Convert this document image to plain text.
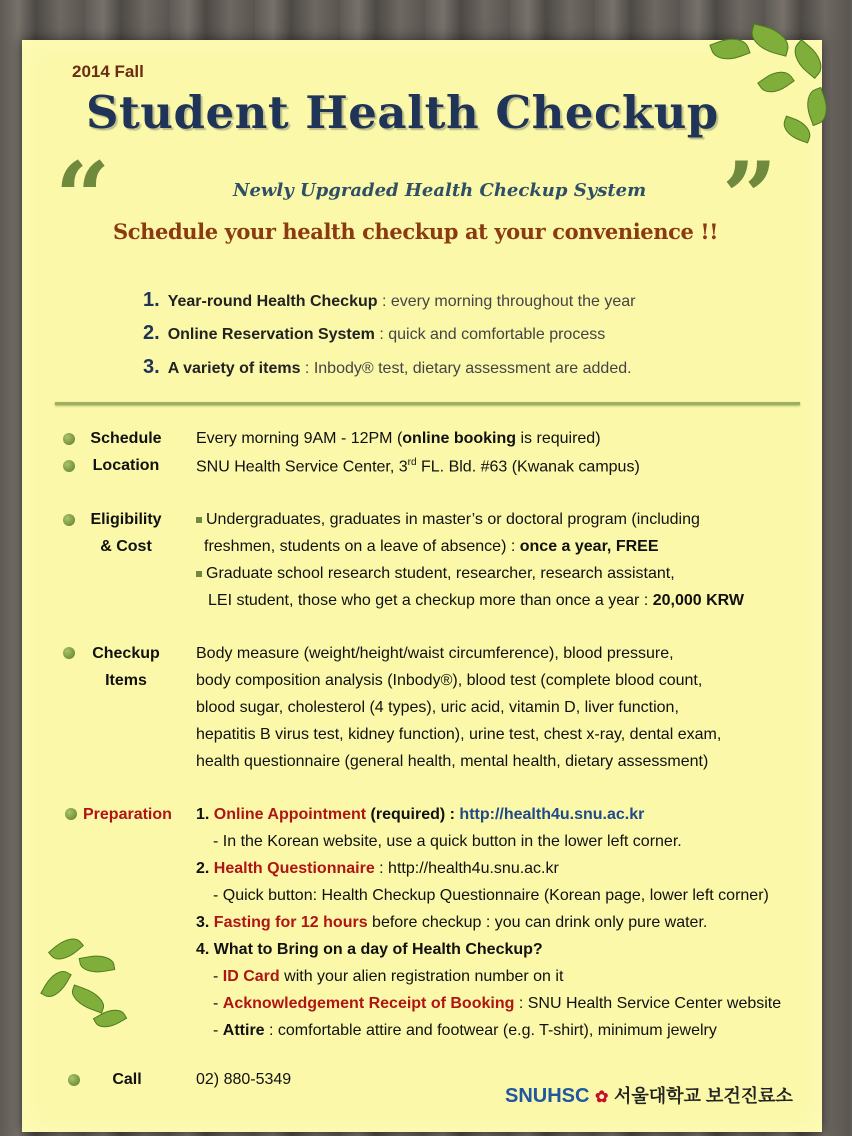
2014 Fall
Student Health Checkup
“	”
Newly Upgraded Health Checkup System
Schedule your health checkup at your convenience !!
1. Year-round Health Checkup : every morning throughout the year
2. Online Reservation System : quick and comfortable process
3. A variety of items : Inbody® test, dietary assessment are added.
Schedule	Every morning 9AM - 12PM (online booking is required)
Location	SNU Health Service Center, 3rd FL. Bld. #63 (Kwanak campus)
Eligibility
& Cost
Undergraduates, graduates in master’s or doctoral program (including
freshmen, students on a leave of absence) : once a year, FREE
Graduate school research student, researcher, research assistant,
LEI student, those who get a checkup more than once a year : 20,000 KRW
Checkup
Items
Body measure (weight/height/waist circumference), blood pressure,
body composition analysis (Inbody®), blood test (complete blood count,
blood sugar, cholesterol (4 types), uric acid, vitamin D, liver function,
hepatitis B virus test, kidney function), urine test, chest x-ray, dental exam,
health questionnaire (general health, mental health, dietary assessment)
Preparation 1. Online Appointment (required) : http://health4u.snu.ac.kr
- In the Korean website, use a quick button in the lower left corner.
2. Health Questionnaire : http://health4u.snu.ac.kr
- Quick button: Health Checkup Questionnaire (Korean page, lower left corner)
3. Fasting for 12 hours before checkup : you can drink only pure water.
4. What to Bring on a day of Health Checkup?
- ID Card with your alien registration number on it
- Acknowledgement Receipt of Booking : SNU Health Service Center website
- Attire : comfortable attire and footwear (e.g. T-shirt), minimum jewelry
Call	02) 880-5349
SNUHSC ✿ 서울대학교 보건진료소
